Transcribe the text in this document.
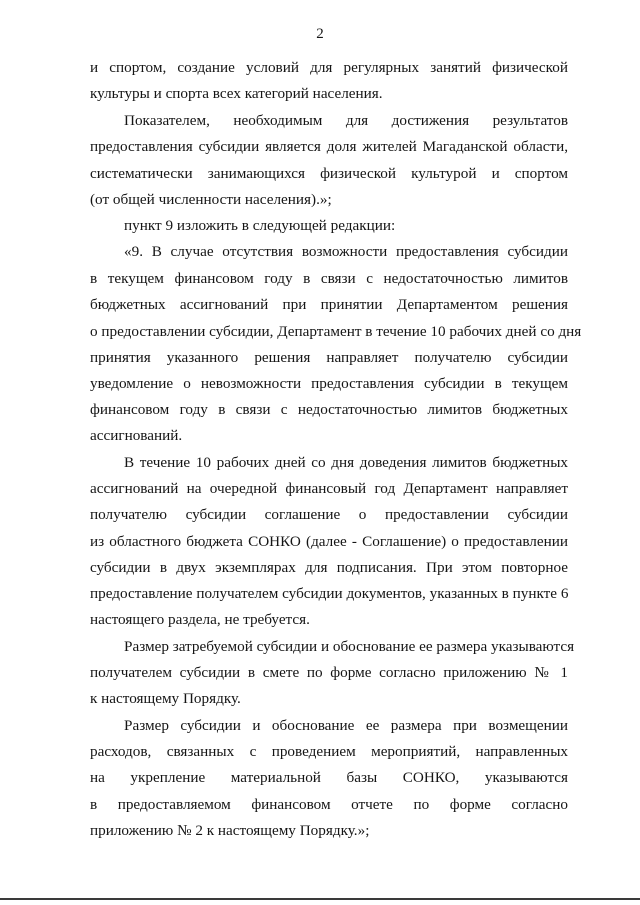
2
и спортом, создание условий для регулярных занятий физической
культуры и спорта всех категорий населения.
Показателем, необходимым для достижения результатов
предоставления субсидии является доля жителей Магаданской области,
систематически занимающихся физической культурой и спортом
(от общей численности населения).»;
пункт 9 изложить в следующей редакции:
«9. В случае отсутствия возможности предоставления субсидии
в текущем финансовом году в связи с недостаточностью лимитов
бюджетных ассигнований при принятии Департаментом решения
о предоставлении субсидии, Департамент в течение 10 рабочих дней со дня
принятия указанного решения направляет получателю субсидии
уведомление о невозможности предоставления субсидии в текущем
финансовом году в связи с недостаточностью лимитов бюджетных
ассигнований.
В течение 10 рабочих дней со дня доведения лимитов бюджетных
ассигнований на очередной финансовый год Департамент направляет
получателю субсидии соглашение о предоставлении субсидии
из областного бюджета СОНКО (далее - Соглашение) о предоставлении
субсидии в двух экземплярах для подписания. При этом повторное
предоставление получателем субсидии документов, указанных в пункте 6
настоящего раздела, не требуется.
Размер затребуемой субсидии и обоснование ее размера указываются
получателем субсидии в смете по форме согласно приложению № 1
к настоящему Порядку.
Размер субсидии и обоснование ее размера при возмещении
расходов, связанных с проведением мероприятий, направленных
на укрепление материальной базы СОНКО, указываются
в предоставляемом финансовом отчете по форме согласно
приложению № 2 к настоящему Порядку.»;
